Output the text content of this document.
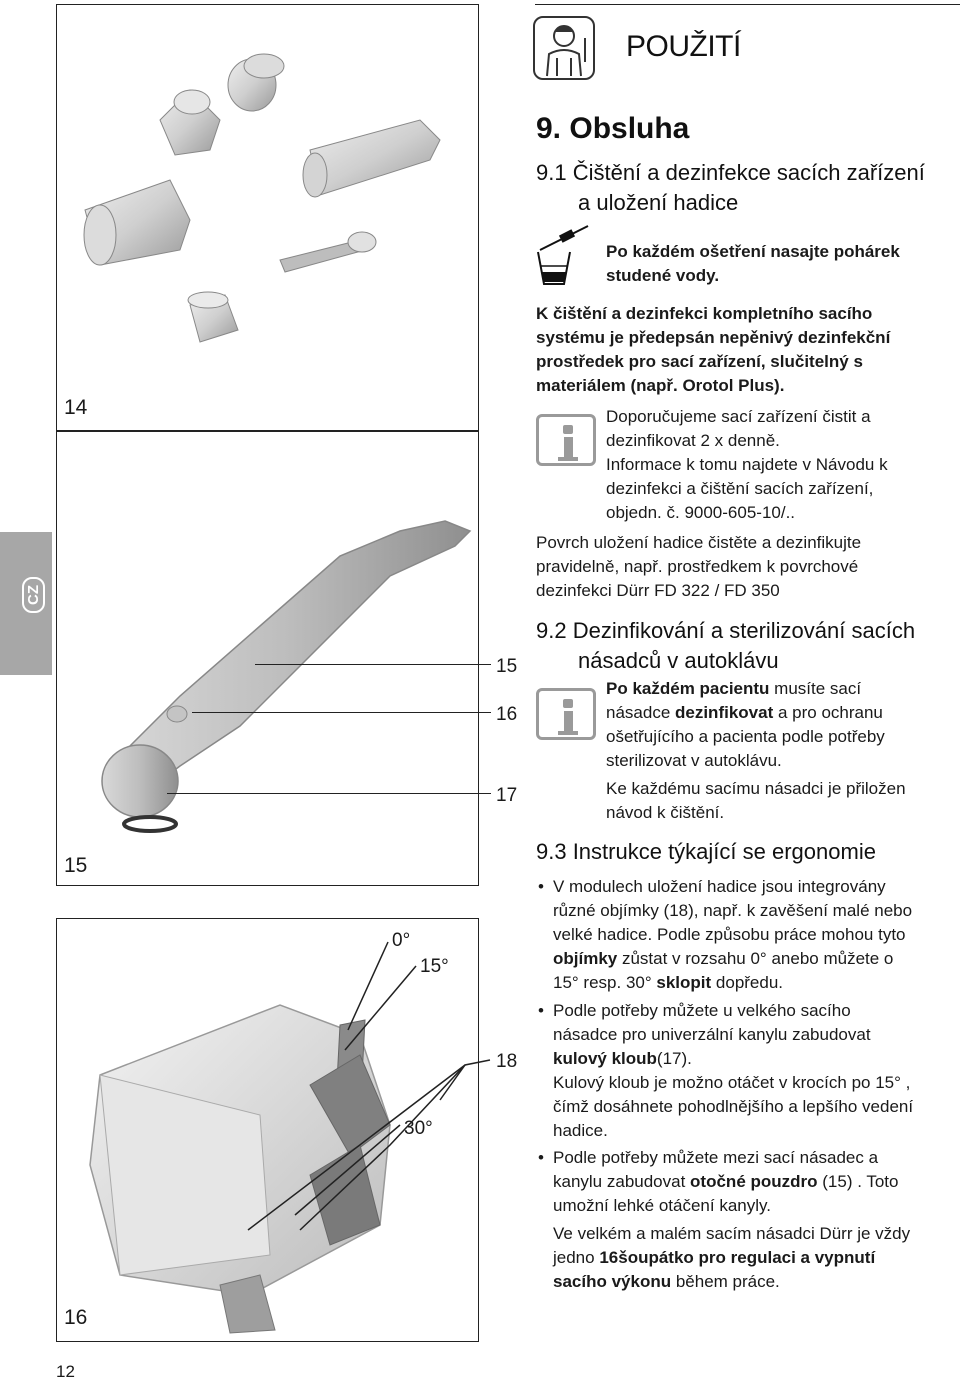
14
15
16
15
16
17
0°
15°
30°
18
CZ
POUŽITÍ
9. Obsluha
9.1 Čištění a dezinfekce sacích zařízení
a uložení hadice
Po každém ošetření nasajte pohárek
studené vody.
K čištění a dezinfekci kompletního sacího
systému je předepsán nepěnivý dezinfekční
prostředek pro sací zařízení, slučitelný s
materiálem (např. Orotol Plus).
Doporučujeme sací zařízení čistit a
dezinfikovat 2 x denně.
Informace k tomu najdete v Návodu k
dezinfekci a čištění sacích zařízení,
objedn. č. 9000-605-10/..
Povrch uložení hadice čistěte a dezinfikujte
pravidelně, např. prostředkem k povrchové
dezinfekci Dürr FD 322 / FD 350
9.2 Dezinfikování a sterilizování sacích
násadců v autoklávu
Po každém pacientu musíte sací
násadce dezinfikovat a pro ochranu
ošetřujícího a pacienta podle potřeby
sterilizovat v autoklávu.
Ke každému sacímu násadci je přiložen
návod k čištění.
9.3 Instrukce týkající se ergonomie
• V modulech uložení hadice jsou integrovány
různé objímky (18), např. k zavěšení malé nebo
velké hadice. Podle způsobu práce mohou tyto
objímky zůstat v rozsahu 0° anebo můžete o
15° resp. 30° sklopit dopředu.
• Podle potřeby můžete u velkého sacího
násadce pro univerzální kanylu zabudovat
kulový kloub(17).
Kulový kloub je možno otáčet v krocích po 15° ,
čímž dosáhnete pohodlnějšího a lepšího vedení
hadice.
• Podle potřeby můžete mezi sací násadec a
kanylu zabudovat otočné pouzdro (15) . Toto
umožní lehké otáčení kanyly.
Ve velkém a malém sacím násadci Dürr je vždy
jedno 16šoupátko pro regulaci a vypnutí
sacího výkonu během práce.
12
